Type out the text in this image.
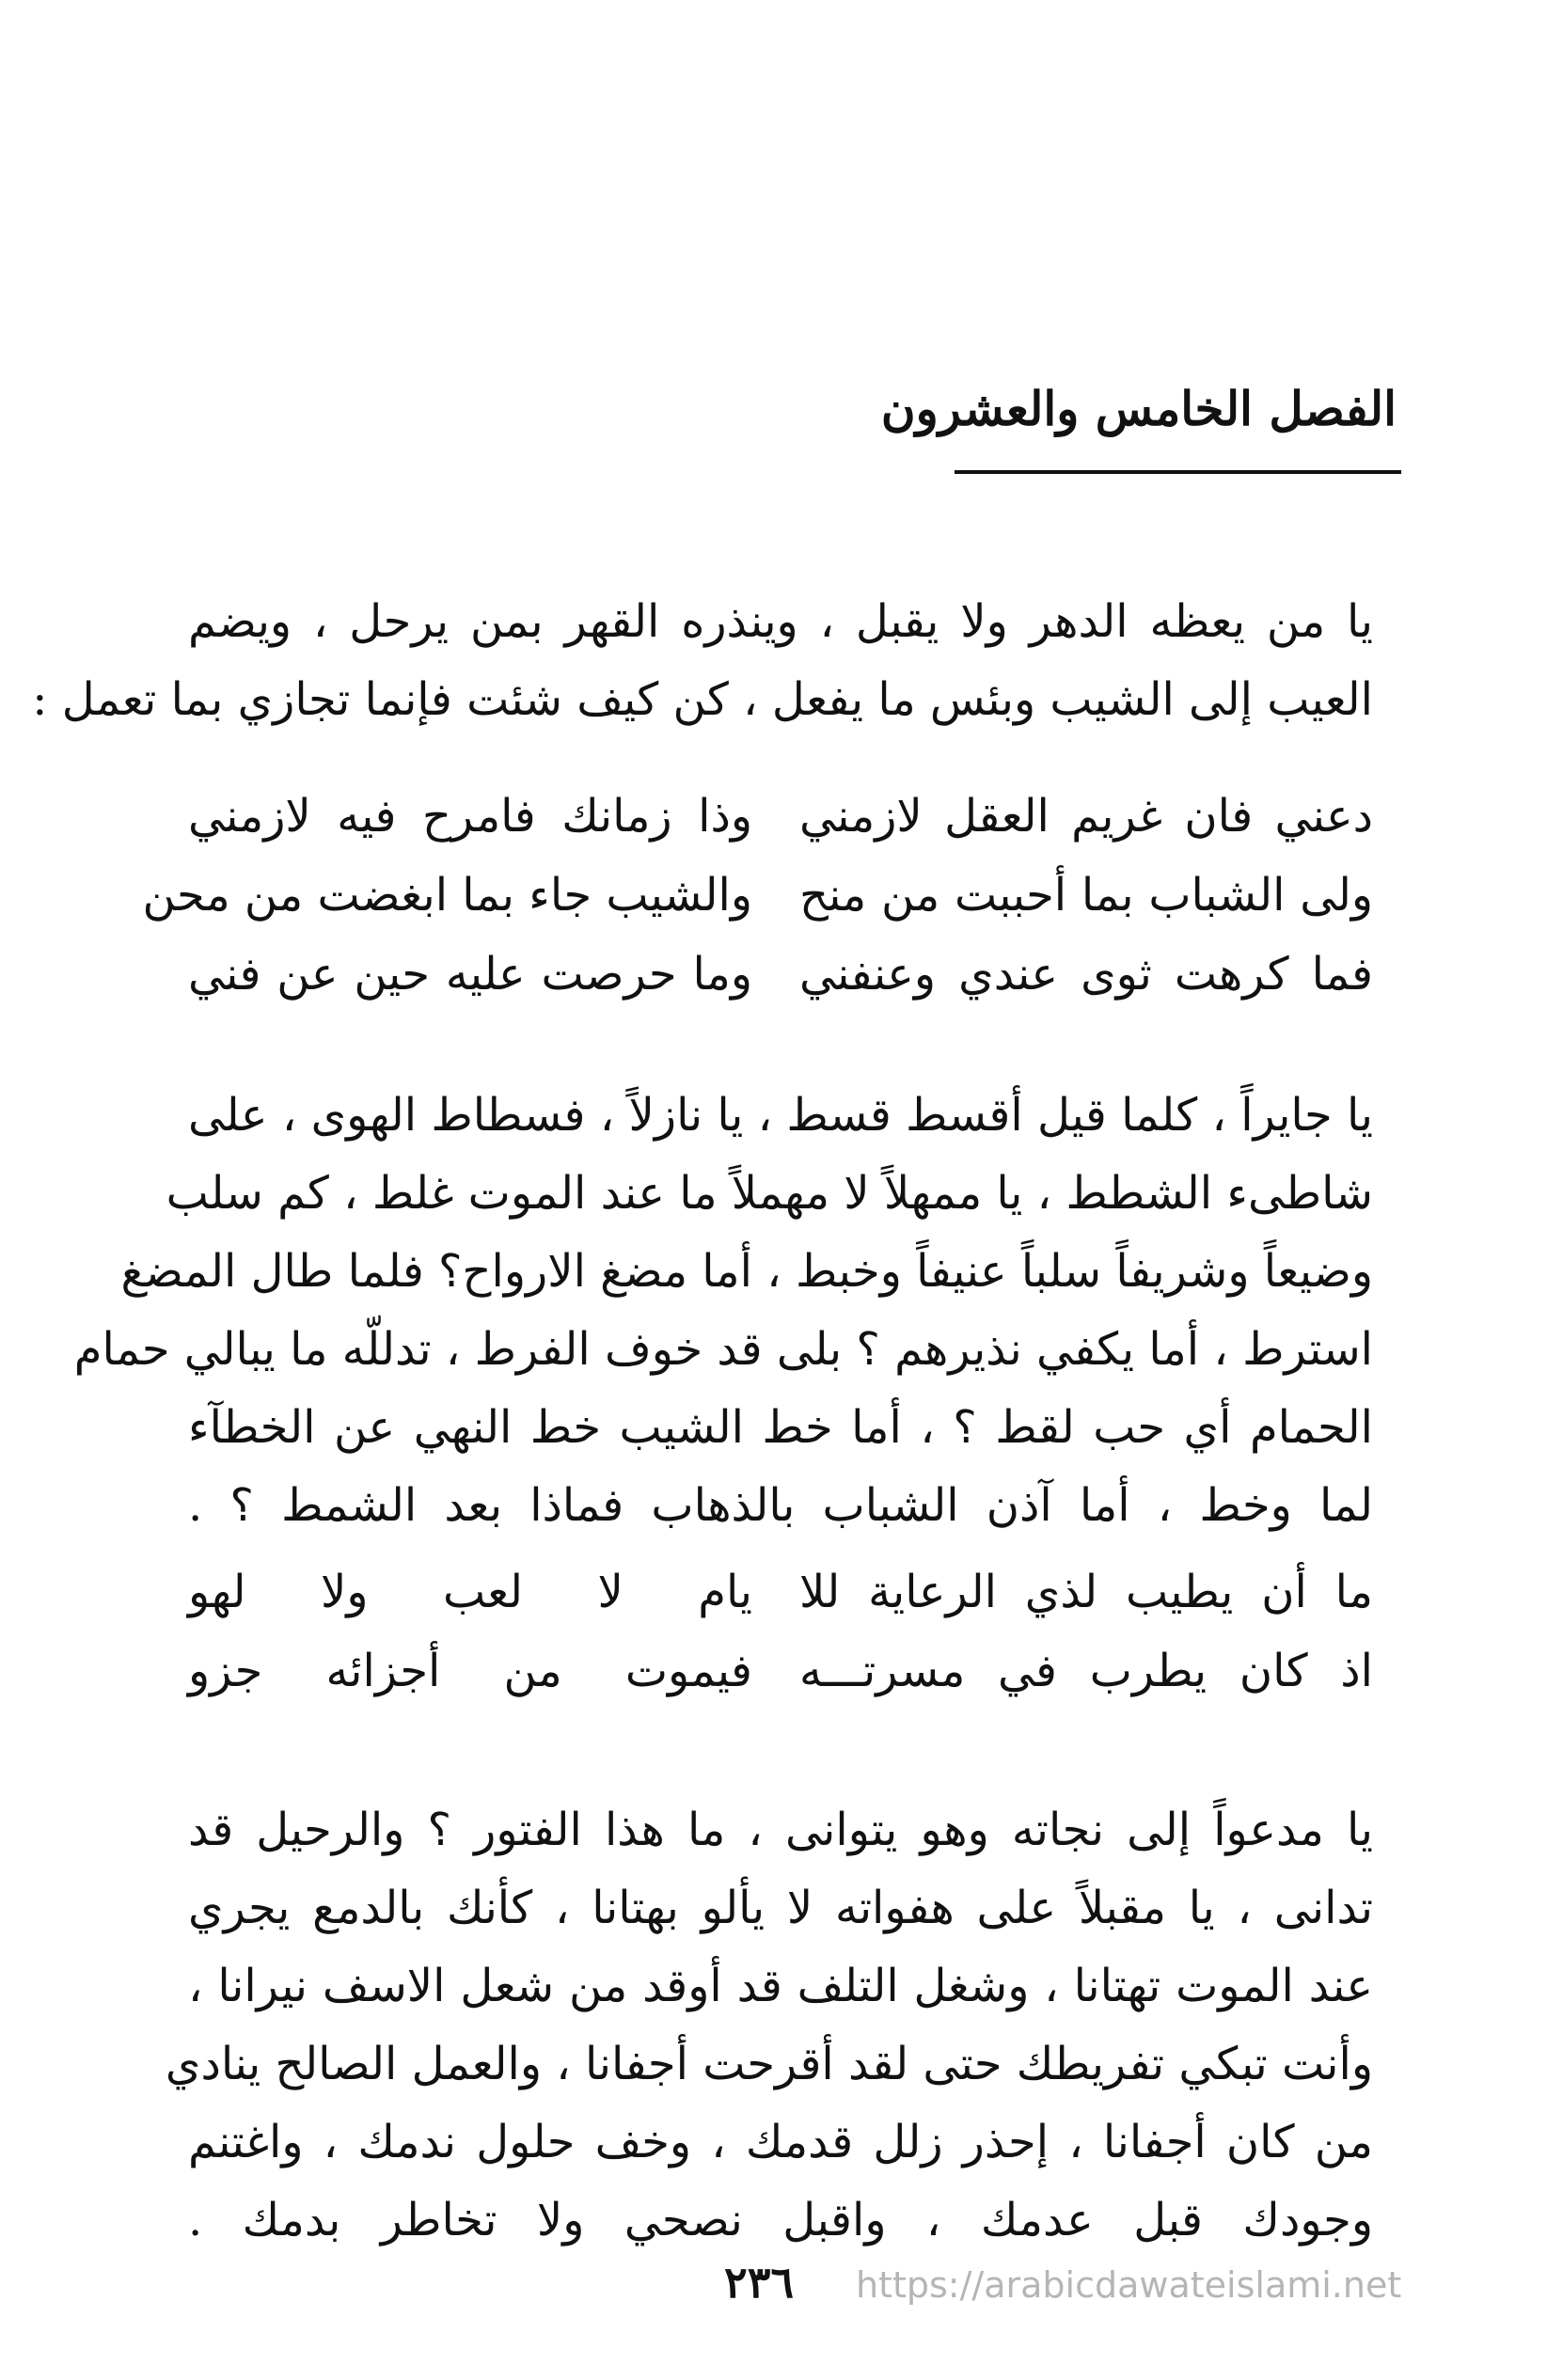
الفصل الخامس والعشرون
يا من يعظه الدهر ولا يقبل ، وينذره القهر بمن يرحل ، ويضم
العيب إلى الشيب وبئس ما يفعل ، كن كيف شئت فإنما تجازي بما تعمل :
دعني فان غريم العقل لازمني
وذا زمانك فامرح فيه لازمني
ولى الشباب بما أحببت من منح
والشيب جاء بما ابغضت من محن
فما كرهت ثوى عندي وعنفني
وما حرصت عليه حين عن فني
يا جايراً ، كلما قيل أقسط قسط ، يا نازلاً ، فسطاط الهوى ، على
شاطىء الشطط ، يا ممهلاً لا مهملاً ما عند الموت غلط ، كم سلب
وضيعاً وشريفاً سلباً عنيفاً وخبط ، أما مضغ الارواح؟ فلما طال المضغ
استرط ، أما يكفي نذيرهم ؟ بلى قد خوف الفرط ، تدللّه ما يبالي حمام
الحمام أي حب لقط ؟ ، أما خط الشيب خط النهي عن الخطآء
لما وخط ، أما آذن الشباب بالذهاب فماذا بعد الشمط ؟ .
ما أن يطيب لذي الرعاية للا
يام لا لعب ولا لهو
اذ كان يطرب في مسرتـــه
فيموت من أجزائه جزو
يا مدعواً إلى نجاته وهو يتوانى ، ما هذا الفتور ؟ والرحيل قد
تدانى ، يا مقبلاً على هفواته لا يألو بهتانا ، كأنك بالدمع يجري
عند الموت تهتانا ، وشغل التلف قد أوقد من شعل الاسف نيرانا ،
وأنت تبكي تفريطك حتى لقد أقرحت أجفانا ، والعمل الصالح ينادي
من كان أجفانا ، إحذر زلل قدمك ، وخف حلول ندمك ، واغتنم
وجودك قبل عدمك ، واقبل نصحي ولا تخاطر بدمك .
٢٣٦ https://arabicdawateislami.net
